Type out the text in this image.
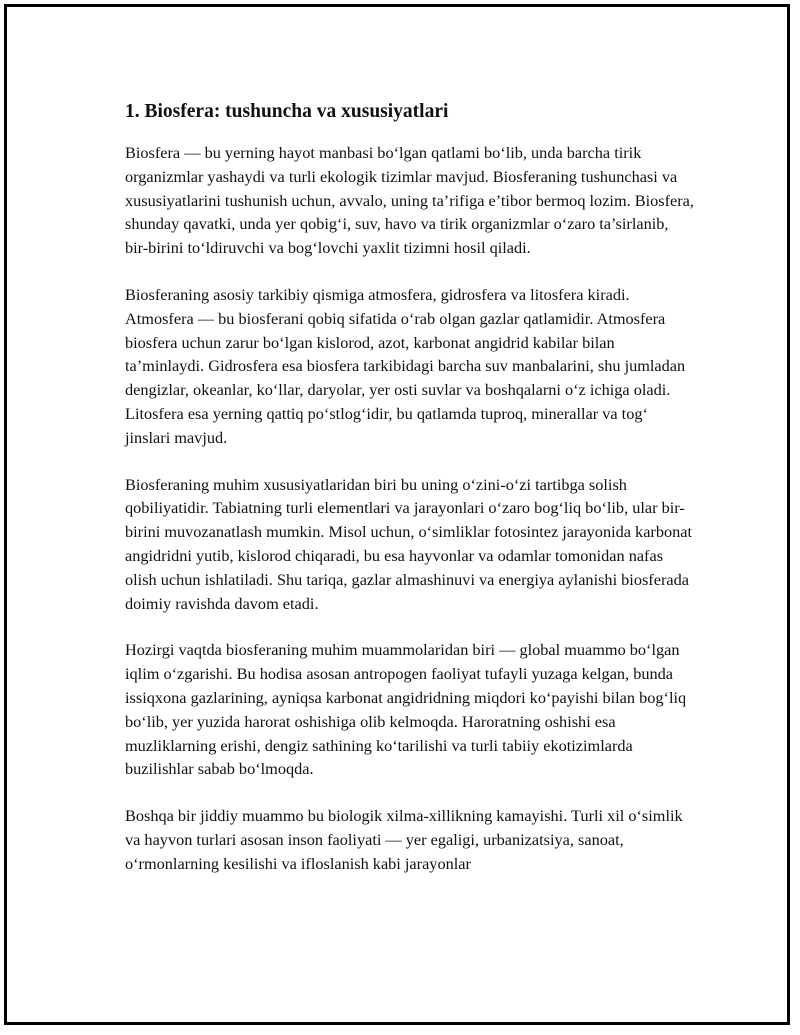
1. Biosfera: tushuncha va xususiyatlari

Biosfera — bu yerning hayot manbasi bo‘lgan qatlami bo‘lib, unda barcha tirik organizmlar yashaydi va turli ekologik tizimlar mavjud. Biosferaning tushunchasi va xususiyatlarini tushunish uchun, avvalo, uning ta’rifiga e’tibor bermoq lozim. Biosfera, shunday qavatki, unda yer qobig‘i, suv, havo va tirik organizmlar o‘zaro ta’sirlanib, bir-birini to‘ldiruvchi va bog‘lovchi yaxlit tizimni hosil qiladi.

Biosferaning asosiy tarkibiy qismiga atmosfera, gidrosfera va litosfera kiradi. Atmosfera — bu biosferani qobiq sifatida o‘rab olgan gazlar qatlamidir. Atmosfera biosfera uchun zarur bo‘lgan kislorod, azot, karbonat angidrid kabilar bilan ta’minlaydi. Gidrosfera esa biosfera tarkibidagi barcha suv manbalarini, shu jumladan dengizlar, okeanlar, ko‘llar, daryolar, yer osti suvlar va boshqalarni o‘z ichiga oladi. Litosfera esa yerning qattiq po‘stlog‘idir, bu qatlamda tuproq, minerallar va tog‘ jinslari mavjud.

Biosferaning muhim xususiyatlaridan biri bu uning o‘zini-o‘zi tartibga solish qobiliyatidir. Tabiatning turli elementlari va jarayonlari o‘zaro bog‘liq bo‘lib, ular bir-birini muvozanatlash mumkin. Misol uchun, o‘simliklar fotosintez jarayonida karbonat angidridni yutib, kislorod chiqaradi, bu esa hayvonlar va odamlar tomonidan nafas olish uchun ishlatiladi. Shu tariqa, gazlar almashinuvi va energiya aylanishi biosferada doimiy ravishda davom etadi.

Hozirgi vaqtda biosferaning muhim muammolaridan biri — global muammo bo‘lgan iqlim o‘zgarishi. Bu hodisa asosan antropogen faoliyat tufayli yuzaga kelgan, bunda issiqxona gazlarining, ayniqsa karbonat angidridning miqdori ko‘payishi bilan bog‘liq bo‘lib, yer yuzida harorat oshishiga olib kelmoqda. Haroratning oshishi esa muzliklarning erishi, dengiz sathining ko‘tarilishi va turli tabiiy ekotizimlarda buzilishlar sabab bo‘lmoqda.

Boshqa bir jiddiy muammo bu biologik xilma-xillikning kamayishi. Turli xil o‘simlik va hayvon turlari asosan inson faoliyati — yer egaligi, urbanizatsiya, sanoat, o‘rmonlarning kesilishi va ifloslanish kabi jarayonlar
